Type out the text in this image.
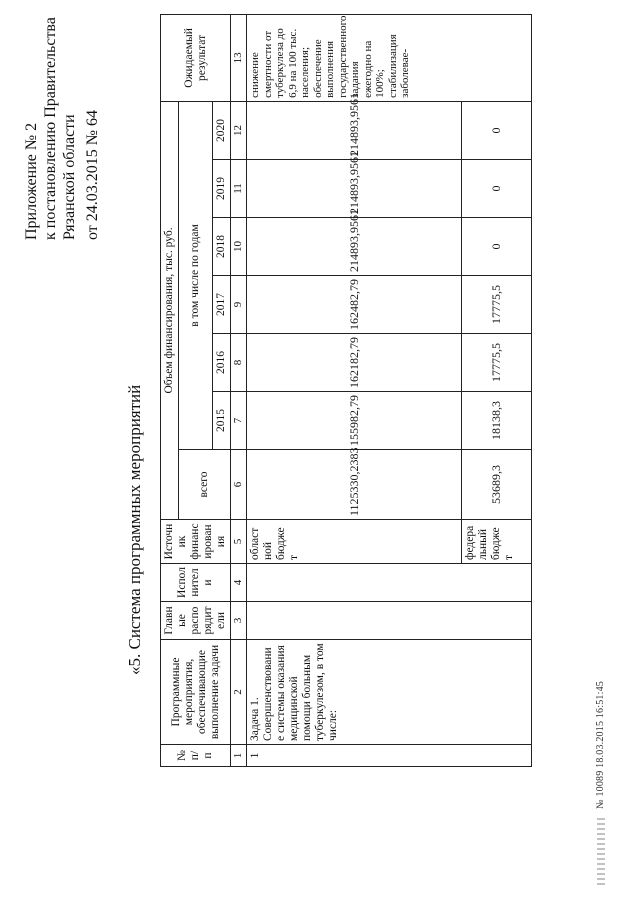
Приложение № 2 к постановлению Правительства Рязанской области от 24.03.2015 № 64
«5. Система программных мероприятий
№ п/п	Программные мероприятия, обеспечивающие выполнение задачи	Главные распорядители	Исполнители	Источник финансирования	Объем финансирования, тыс. руб.							Ожидаемый результат
					всего	в том числе по годам						
						2015	2016	2017	2018	2019	2020	
1	2	3	4	5	6	7	8	9	10	11	12	13
1	Задача 1. Совершенствование системы оказания медицинской помощи больным туберкулезом, в том числе:			областной бюджет	1125330,2383	155982,79	162182,79	162482,79	214893,9561	214893,9561	214893,9561	снижение смертности от туберкулеза до 6,9 на 100 тыс. населения; обеспечение выполнения государственного задания ежегодно на 100%; стабилизация заболевае-
				федеральный бюджет	53689,3	18138,3	17775,5	17775,5	0	0	0	
№ 10089 18.03.2015 16:51:45
